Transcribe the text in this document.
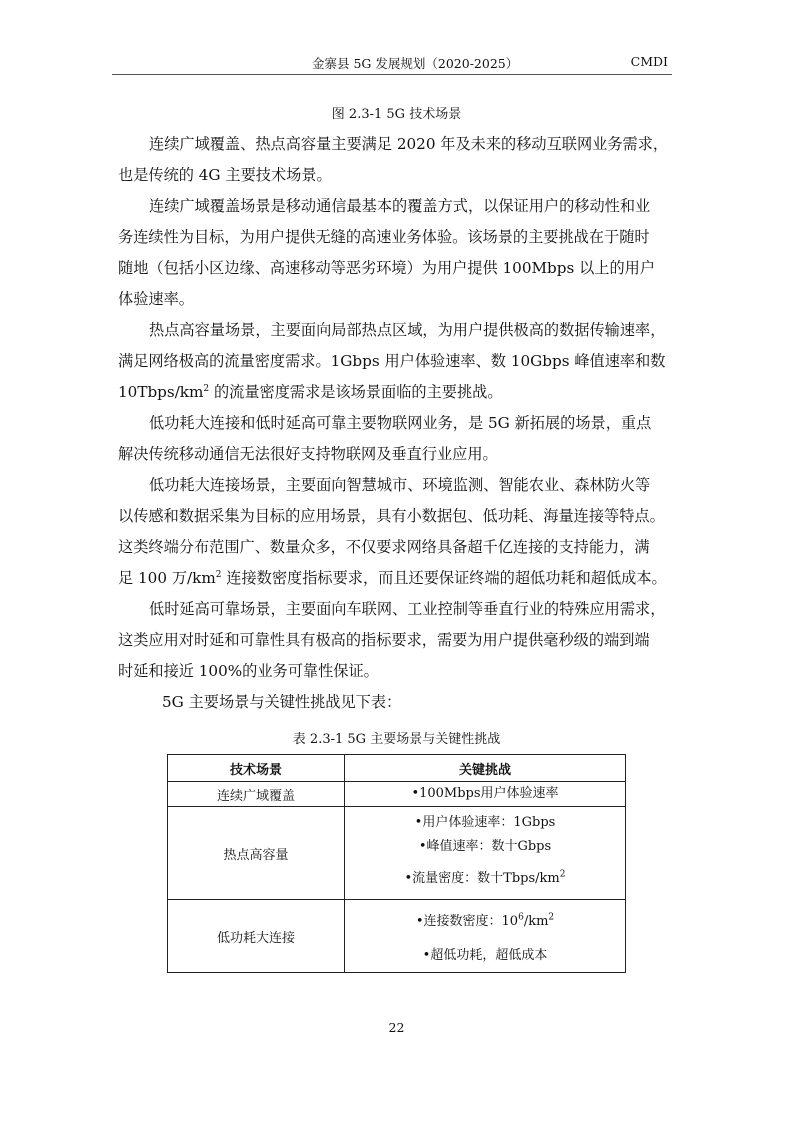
金寨县 5G 发展规划（2020-2025）	CMDI
图 2.3-1 5G 技术场景

连续广域覆盖、热点高容量主要满足 2020 年及未来的移动互联网业务需求，
也是传统的 4G 主要技术场景。

连续广域覆盖场景是移动通信最基本的覆盖方式，以保证用户的移动性和业
务连续性为目标，为用户提供无缝的高速业务体验。该场景的主要挑战在于随时
随地（包括小区边缘、高速移动等恶劣环境）为用户提供 100Mbps 以上的用户
体验速率。

热点高容量场景，主要面向局部热点区域，为用户提供极高的数据传输速率，
满足网络极高的流量密度需求。1Gbps 用户体验速率、数 10Gbps 峰值速率和数
$10Tbps/km^2$ 的流量密度需求是该场景面临的主要挑战。

低功耗大连接和低时延高可靠主要物联网业务，是 5G 新拓展的场景，重点
解决传统移动通信无法很好支持物联网及垂直行业应用。

低功耗大连接场景，主要面向智慧城市、环境监测、智能农业、森林防火等
以传感和数据采集为目标的应用场景，具有小数据包、低功耗、海量连接等特点。
这类终端分布范围广、数量众多，不仅要求网络具备超千亿连接的支持能力，满
足 100 万$/km^2$ 连接数密度指标要求，而且还要保证终端的超低功耗和超低成本。

低时延高可靠场景，主要面向车联网、工业控制等垂直行业的特殊应用需求，
这类应用对时延和可靠性具有极高的指标要求，需要为用户提供毫秒级的端到端
时延和接近 100%的业务可靠性保证。

5G 主要场景与关键性挑战见下表：

表 2.3-1 5G 主要场景与关键性挑战
技术场景	关键挑战
连续广域覆盖	•100Mbps用户体验速率

热点高容量	•用户体验速率：1Gbps
•峰值速率：数十Gbps
•流量密度：数十Tbps/$km^2$

低功耗大连接	•连接数密度：$10^6/km^2$
•超低功耗，超低成本
22
